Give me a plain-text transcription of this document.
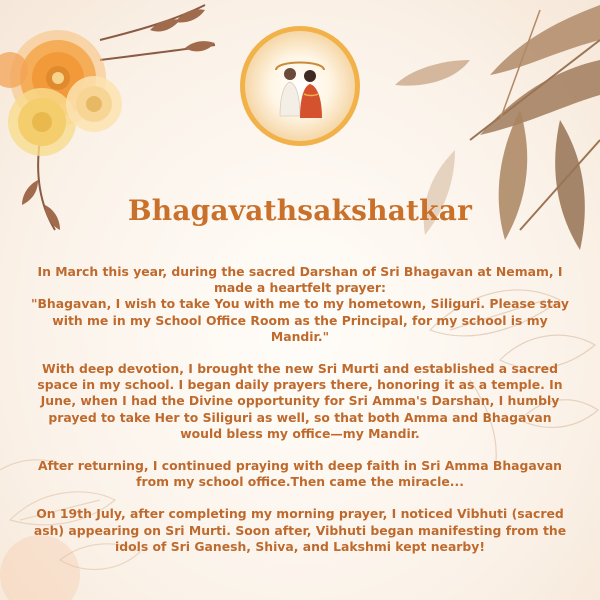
Bhagavathsakshatkar

In March this year, during the sacred Darshan of Sri Bhagavan at Nemam, I
made a heartfelt prayer:
"Bhagavan, I wish to take You with me to my hometown, Siliguri. Please stay
with me in my School Office Room as the Principal, for my school is my
Mandir."

With deep devotion, I brought the new Sri Murti and established a sacred
space in my school. I began daily prayers there, honoring it as a temple. In
June, when I had the Divine opportunity for Sri Amma's Darshan, I humbly
prayed to take Her to Siliguri as well, so that both Amma and Bhagavan
would bless my office—my Mandir.

After returning, I continued praying with deep faith in Sri Amma Bhagavan
from my school office.Then came the miracle...

On 19th July, after completing my morning prayer, I noticed Vibhuti (sacred
ash) appearing on Sri Murti. Soon after, Vibhuti began manifesting from the
idols of Sri Ganesh, Shiva, and Lakshmi kept nearby!
